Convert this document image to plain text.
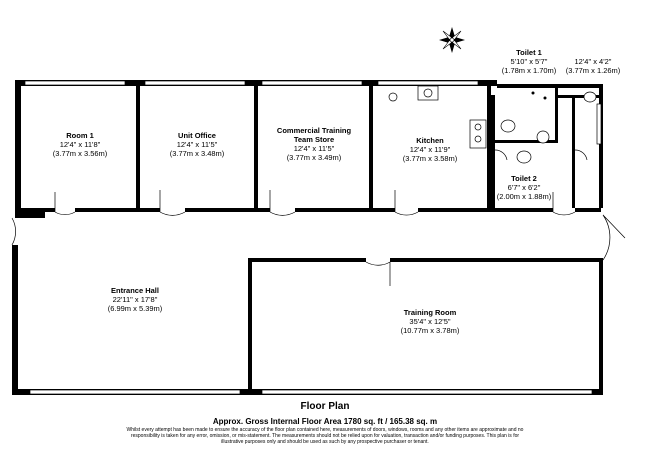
Room 1
12'4" x 11'8"
(3.77m x 3.56m)
Unit Office
12'4" x 11'5"
(3.77m x 3.48m)
Commercial Training
Team Store
12'4" x 11'5"
(3.77m x 3.49m)
Kitchen
12'4" x 11'9"
(3.77m x 3.58m)
Toilet 1
5'10" x 5'7"
(1.78m x 1.70m)
12'4" x 4'2"
(3.77m x 1.26m)
Toilet 2
6'7" x 6'2"
(2.00m x 1.88m)
Entrance Hall
22'11" x 17'8"
(6.99m x 5.39m)	Training Room
35'4" x 12'5"
(10.77m x 3.78m)
Floor Plan
Approx. Gross Internal Floor Area 1780 sq. ft / 165.38 sq. m
Whilst every attempt has been made to ensure the accuracy of the floor plan contained here, measurements of doors, windows, rooms and any other items are approximate and no responsibility is taken for any error, omission, or mis-statement. The measurements should not be relied upon for valuation, transaction and/or funding purposes. This plan is for illustrative purposes only and should be used as such by any prospective purchaser or tenant.
